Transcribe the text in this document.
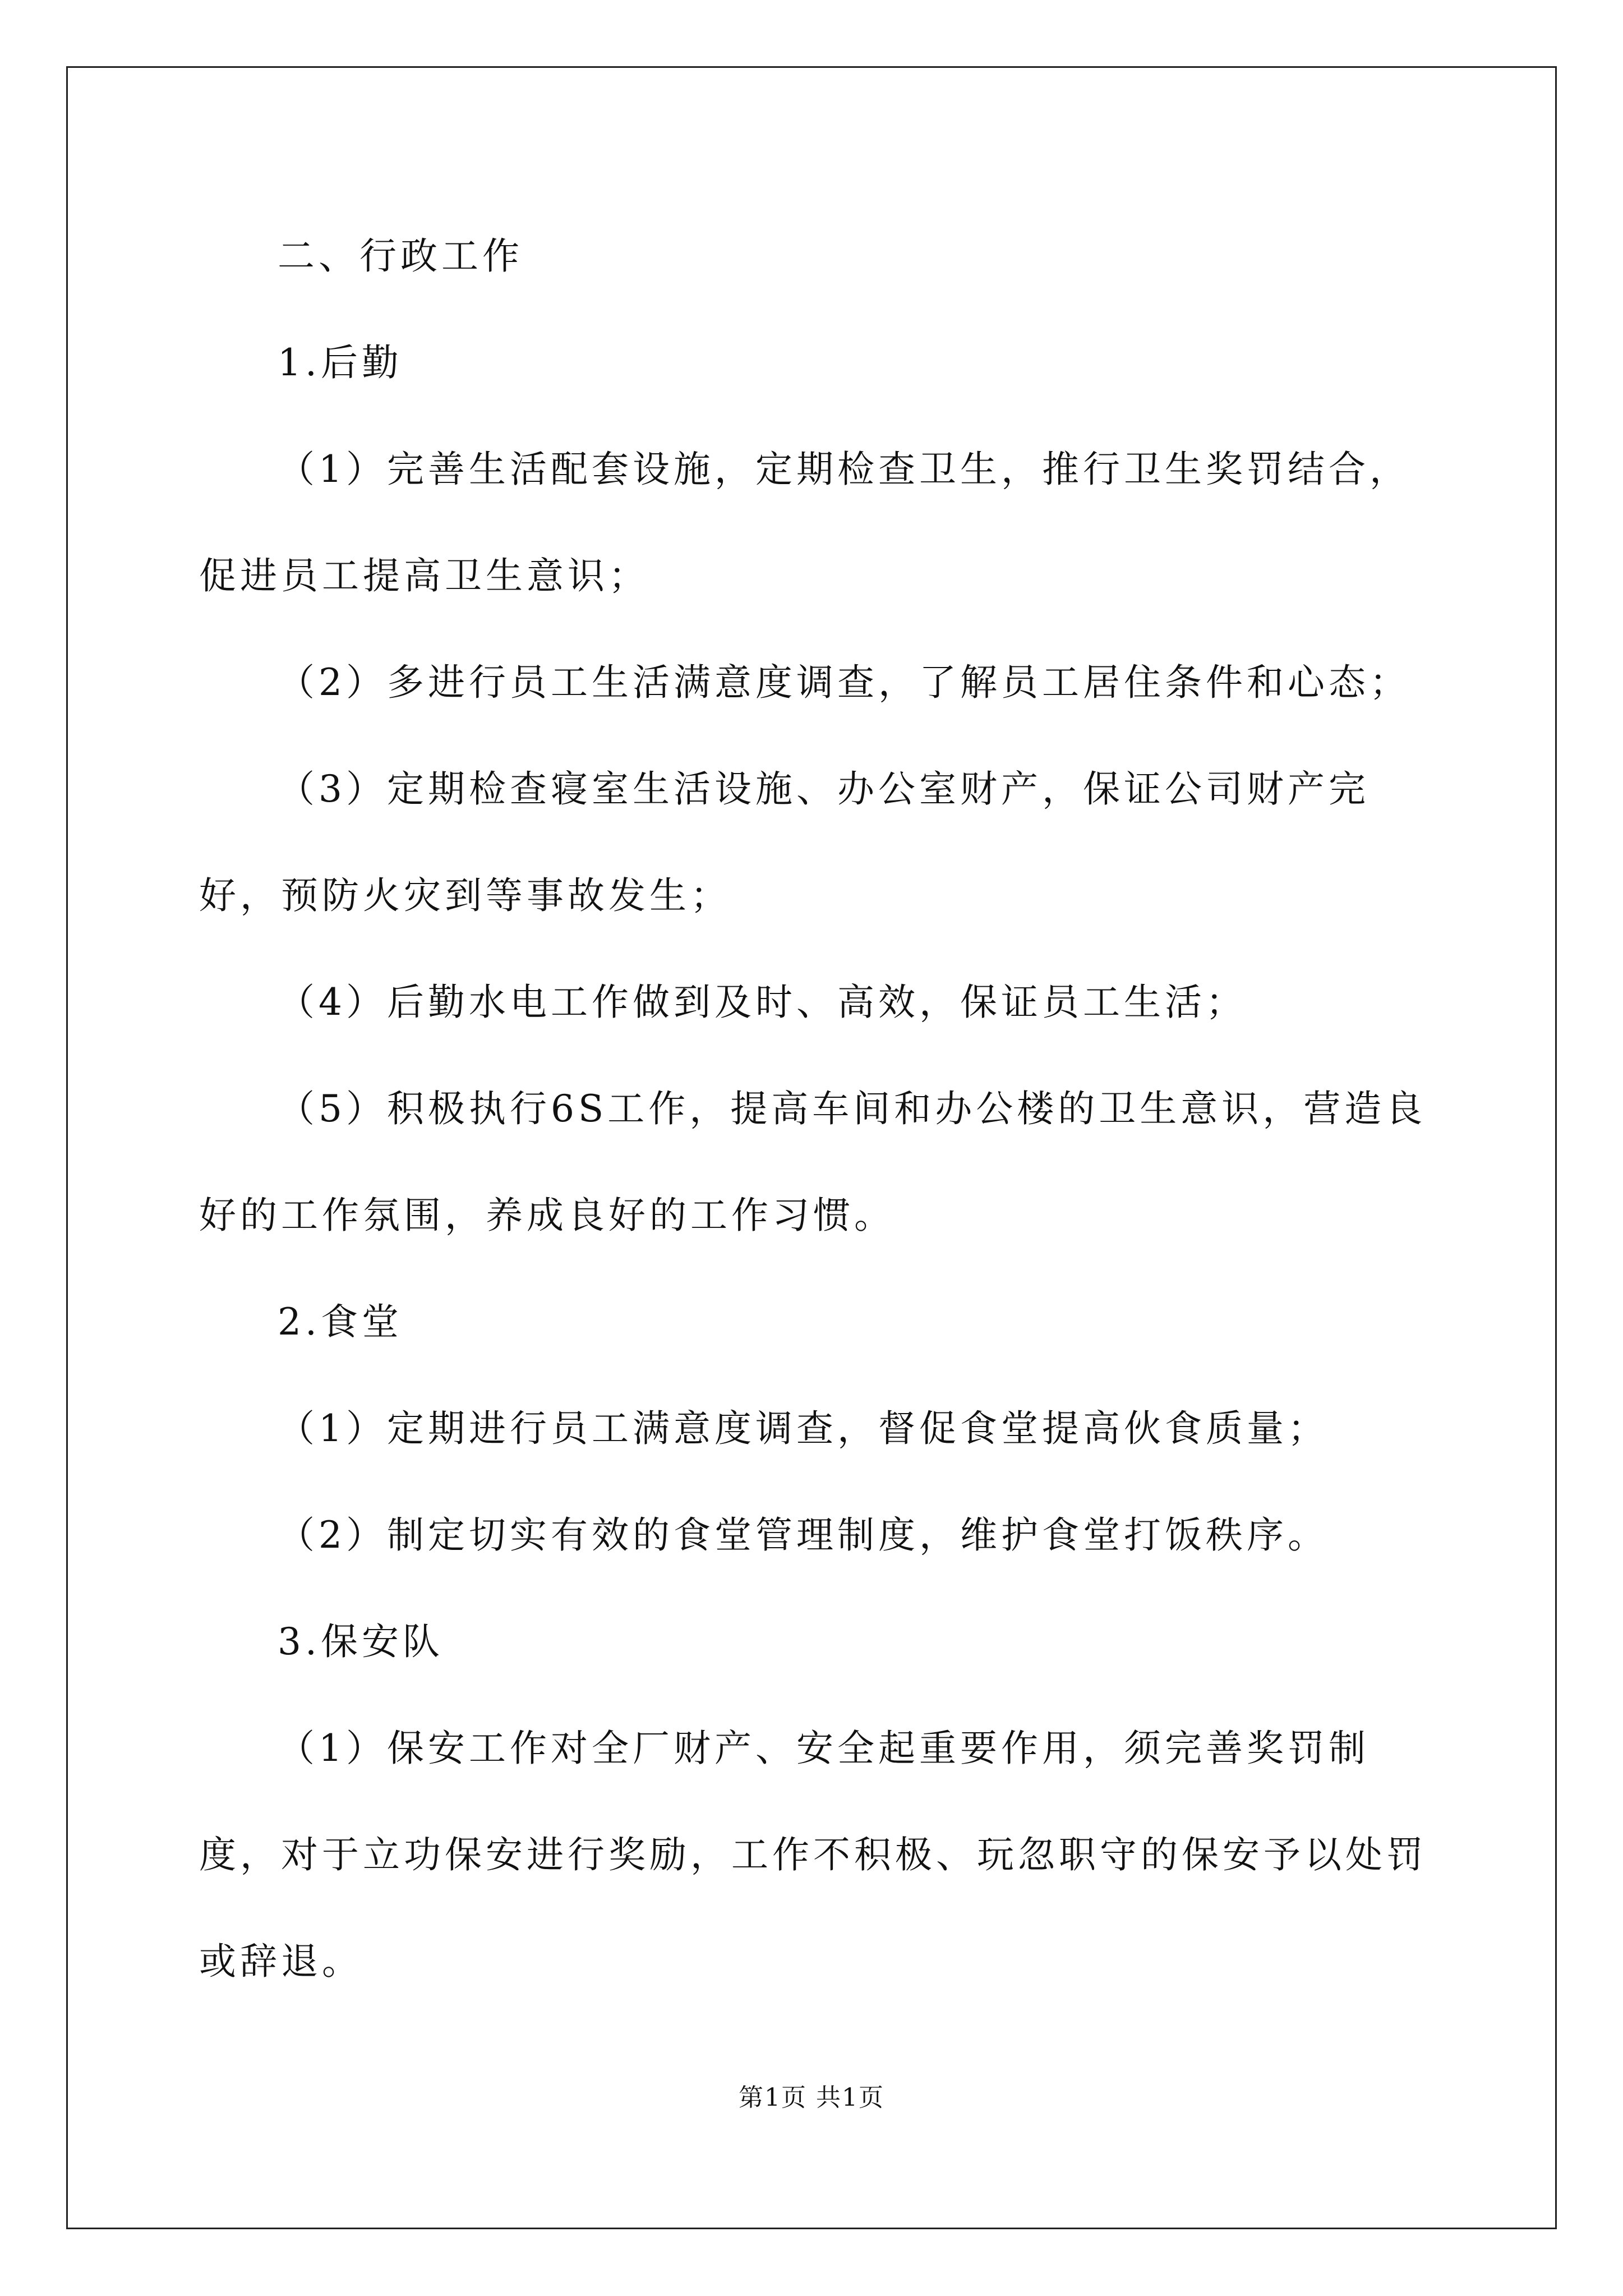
二、行政工作

1.后勤

（1）完善生活配套设施，定期检查卫生，推行卫生奖罚结合，促进员工提高卫生意识；

（2）多进行员工生活满意度调查，了解员工居住条件和心态；

（3）定期检查寝室生活设施、办公室财产，保证公司财产完好，预防火灾到等事故发生；

（4）后勤水电工作做到及时、高效，保证员工生活；

（5）积极执行6S工作，提高车间和办公楼的卫生意识，营造良好的工作氛围，养成良好的工作习惯。

2.食堂

（1）定期进行员工满意度调查，督促食堂提高伙食质量；

（2）制定切实有效的食堂管理制度，维护食堂打饭秩序。

3.保安队

（1）保安工作对全厂财产、安全起重要作用，须完善奖罚制度，对于立功保安进行奖励，工作不积极、玩忽职守的保安予以处罚或辞退。

第1页 共1页
